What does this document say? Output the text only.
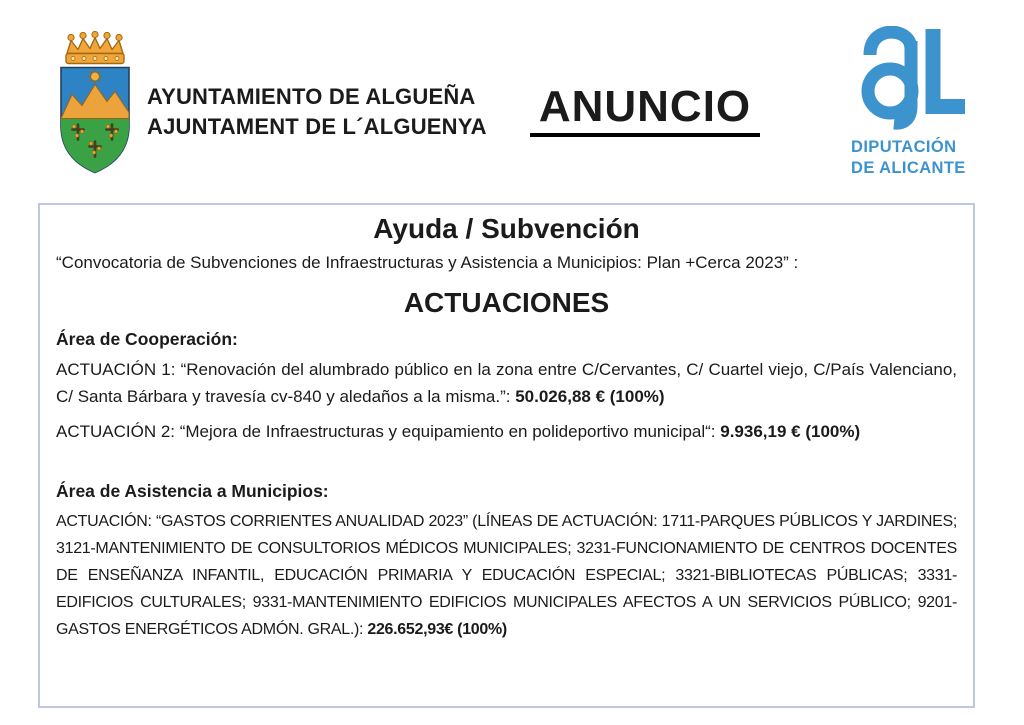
AYUNTAMIENTO DE ALGUEÑA
AJUNTAMENT DE L´ALGUENYA	ANUNCIO
DIPUTACIÓN
DE ALICANTE
Ayuda / Subvención
“Convocatoria de Subvenciones de Infraestructuras y Asistencia a Municipios: Plan +Cerca 2023” :
ACTUACIONES
Área de Cooperación:

ACTUACIÓN 1: “Renovación del alumbrado público en la zona entre C/Cervantes, C/ Cuartel viejo, C/País Valenciano, C/ Santa Bárbara y travesía cv-840 y aledaños a la misma.”: 50.026,88 € (100%)

ACTUACIÓN 2: “Mejora de Infraestructuras y equipamiento en polideportivo municipal“: 9.936,19 € (100%)

Área de Asistencia a Municipios:

ACTUACIÓN: “GASTOS CORRIENTES ANUALIDAD 2023” (LÍNEAS DE ACTUACIÓN: 1711-PARQUES PÚBLICOS Y JARDINES; 3121-MANTENIMIENTO DE CONSULTORIOS MÉDICOS MUNICIPALES; 3231-FUNCIONAMIENTO DE CENTROS DOCENTES DE ENSEÑANZA INFANTIL, EDUCACIÓN PRIMARIA Y EDUCACIÓN ESPECIAL; 3321-BIBLIOTECAS PÚBLICAS; 3331-EDIFICIOS CULTURALES; 9331-MANTENIMIENTO EDIFICIOS MUNICIPALES AFECTOS A UN SERVICIOS PÚBLICO; 9201-GASTOS ENERGÉTICOS ADMÓN. GRAL.): 226.652,93€ (100%)
